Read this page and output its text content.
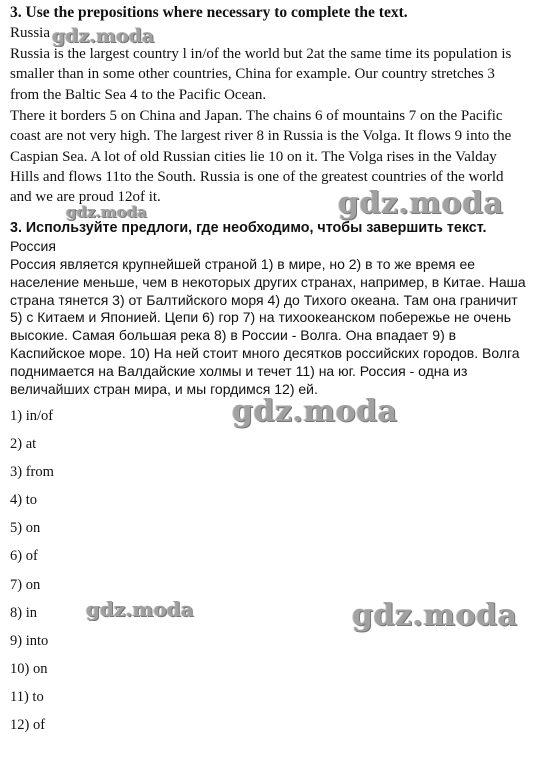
3. Use the prepositions where necessary to complete the text.

Russia

Russia is the largest country l in/of the world but 2at the same time its population is smaller than in some other countries, China for example. Our country stretches 3 from the Baltic Sea 4 to the Pacific Ocean.

There it borders 5 on China and Japan. The chains 6 of mountains 7 on the Pacific coast are not very high. The largest river 8 in Russia is the Volga. It flows 9 into the Caspian Sea. A lot of old Russian cities lie 10 on it. The Volga rises in the Valday Hills and flows 11to the South. Russia is one of the greatest countries of the world and we are proud 12of it.

3. Используйте предлоги, где необходимо, чтобы завершить текст.

Россия

Россия является крупнейшей страной 1) в мире, но 2) в то же время ее население меньше, чем в некоторых других странах, например, в Китае. Наша страна тянется 3) от Балтийского моря 4) до Тихого океана. Там она граничит 5) с Китаем и Японией. Цепи 6) гор 7) на тихоокеанском побережье не очень высокие. Самая большая река 8) в России - Волга. Она впадает 9) в Каспийское море. 10) На ней стоит много десятков российских городов. Волга поднимается на Валдайские холмы и течет 11) на юг. Россия - одна из величайших стран мира, и мы гордимся 12) ей.

1) in/of
2) at
3) from
4) to
5) on
6) of
7) on
8) in
9) into
10) on
11) to
12) of
gdz.moda
gdz.moda
gdz.moda
gdz.moda
gdz.moda	gdz.moda
